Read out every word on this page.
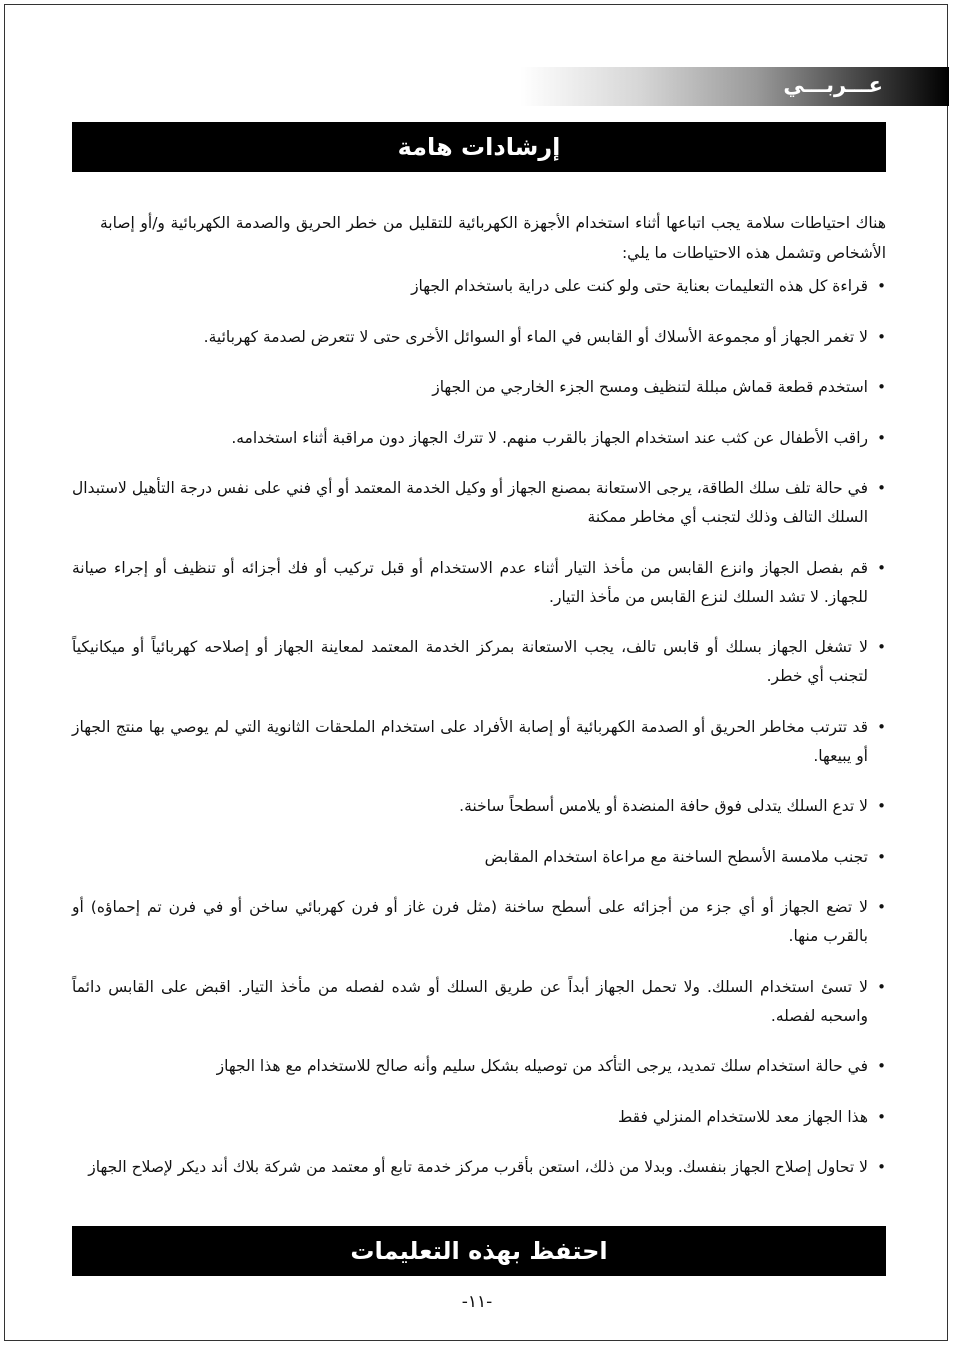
عـــربـــي
إرشادات هامة

هناك احتياطات سلامة يجب اتباعها أثناء استخدام الأجهزة الكهربائية للتقليل من خطر الحريق والصدمة الكهربائية و/أو إصابة الأشخاص وتشمل هذه الاحتياطات ما يلي:

•
قراءة كل هذه التعليمات بعناية حتى ولو كنت على دراية باستخدام الجهاز
•
لا تغمر الجهاز أو مجموعة الأسلاك أو القابس في الماء أو السوائل الأخرى حتى لا تتعرض لصدمة كهربائية.
•
استخدم قطعة قماش مبللة لتنظيف ومسح الجزء الخارجي من الجهاز
•
راقب الأطفال عن كثب عند استخدام الجهاز بالقرب منهم. لا تترك الجهاز دون مراقبة أثناء استخدامه.
•
في حالة تلف سلك الطاقة، يرجى الاستعانة بمصنع الجهاز أو وكيل الخدمة المعتمد أو أي فني على نفس درجة التأهيل لاستبدال السلك التالف وذلك لتجنب أي مخاطر ممكنة
•
قم بفصل الجهاز وانزع القابس من مأخذ التيار أثناء عدم الاستخدام أو قبل تركيب أو فك أجزائه أو تنظيف أو إجراء صيانة للجهاز. لا تشد السلك لنزع القابس من مأخذ التيار.
•
لا تشغل الجهاز بسلك أو قابس تالف، يجب الاستعانة بمركز الخدمة المعتمد لمعاينة الجهاز أو إصلاحه كهربائياً أو ميكانيكياً لتجنب أي خطر.
•
قد تترتب مخاطر الحريق أو الصدمة الكهربائية أو إصابة الأفراد على استخدام الملحقات الثانوية التي لم يوصي بها منتج الجهاز أو يبيعها.
•
لا تدع السلك يتدلى فوق حافة المنضدة أو يلامس أسطحاً ساخنة.
•
تجنب ملامسة الأسطح الساخنة مع مراعاة استخدام المقابض
•
لا تضع الجهاز أو أي جزء من أجزائه على أسطح ساخنة (مثل فرن غاز أو فرن كهربائي ساخن أو في فرن تم إحماؤه) أو بالقرب منها.
•
لا تسئ استخدام السلك. ولا تحمل الجهاز أبداً عن طريق السلك أو شده لفصله من مأخذ التيار. اقبض على القابس دائماً واسحبه لفصله.
•
في حالة استخدام سلك تمديد، يرجى التأكد من توصيله بشكل سليم وأنه صالح للاستخدام مع هذا الجهاز
•
هذا الجهاز معد للاستخدام المنزلي فقط
•
لا تحاول إصلاح الجهاز بنفسك. وبدلا من ذلك، استعن بأقرب مركز خدمة تابع أو معتمد من شركة بلاك أند ديكر لإصلاح الجهاز
احتفظ بهذه التعليمات
-١١-
